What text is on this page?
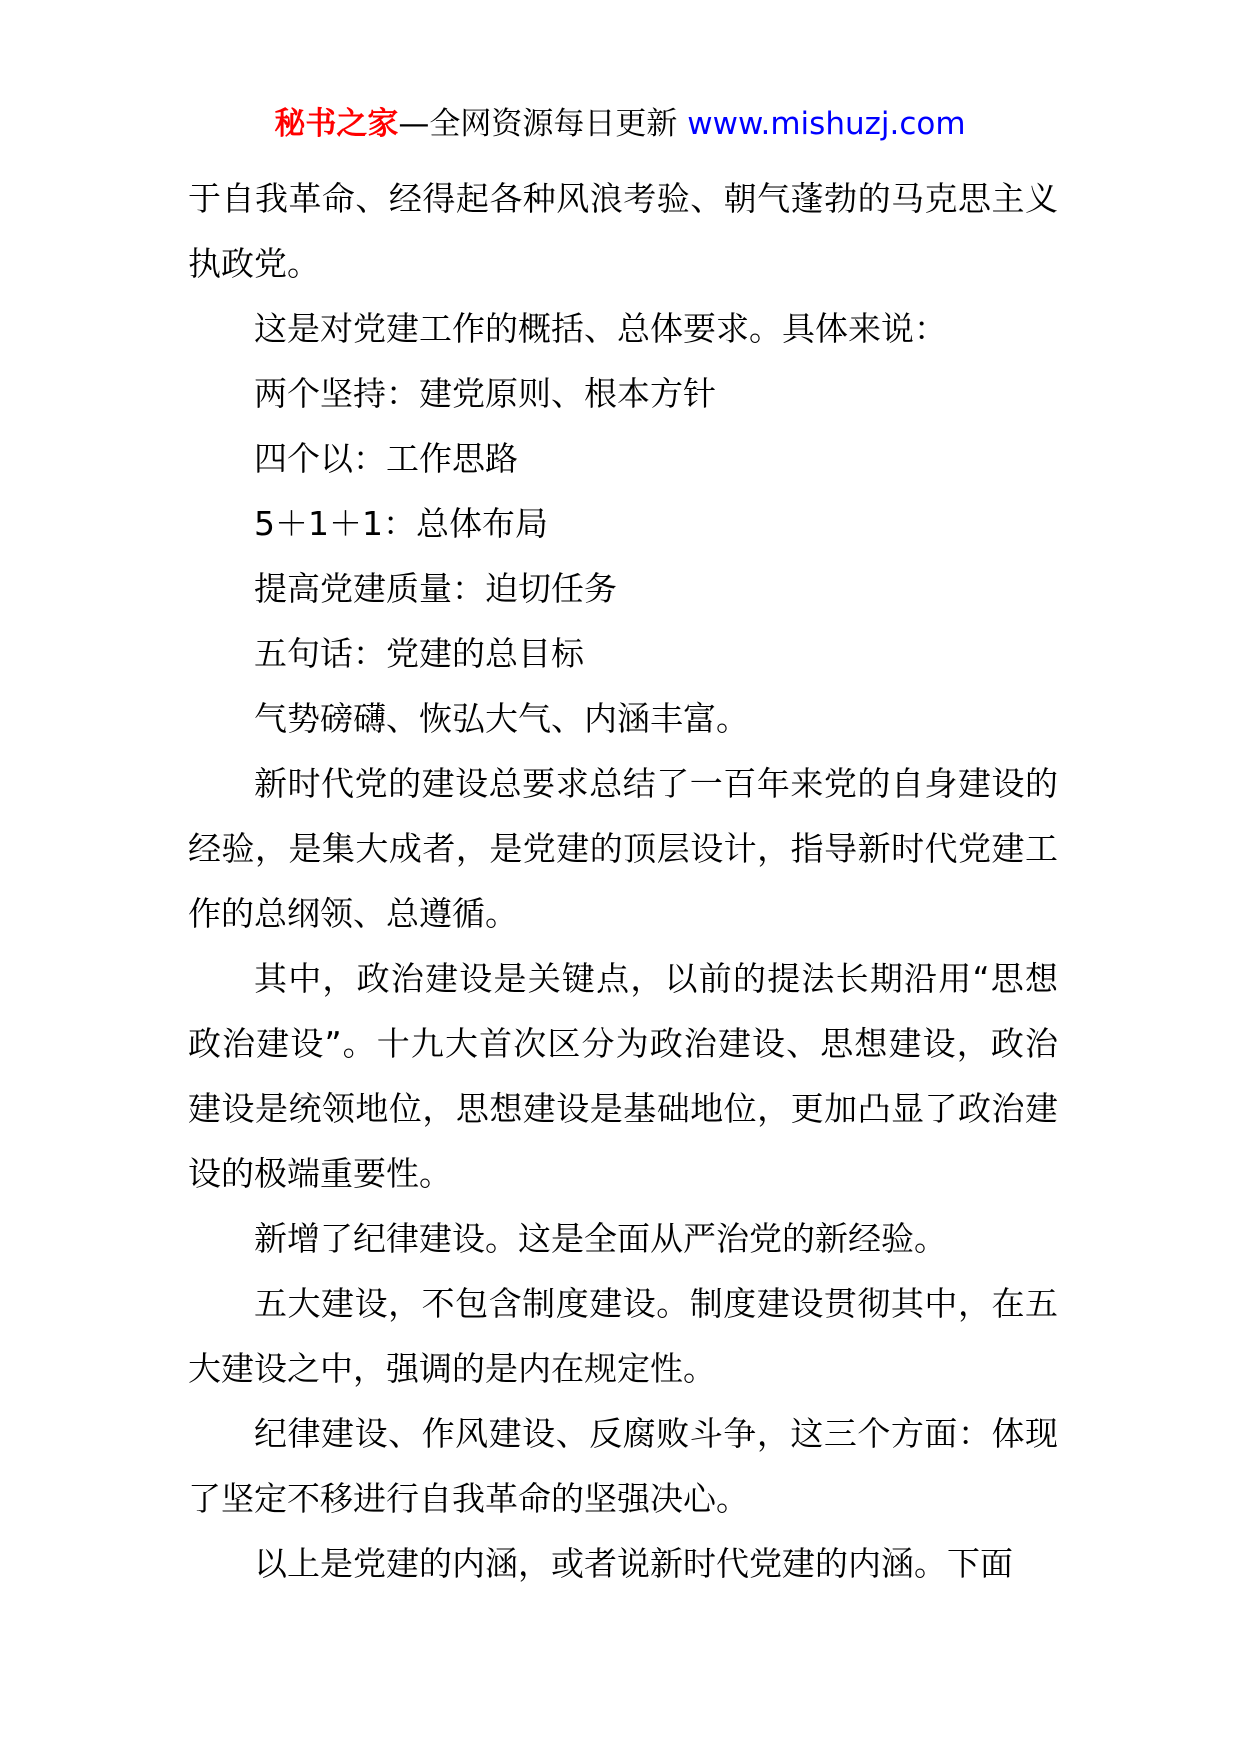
秘书之家—全网资源每日更新 www.mishuzj.com

于自我革命、经得起各种风浪考验、朝气蓬勃的马克思主义执政党。

这是对党建工作的概括、总体要求。具体来说：

两个坚持：建党原则、根本方针

四个以：工作思路

5＋1＋1：总体布局

提高党建质量：迫切任务

五句话：党建的总目标

气势磅礴、恢弘大气、内涵丰富。

新时代党的建设总要求总结了一百年来党的自身建设的经验，是集大成者，是党建的顶层设计，指导新时代党建工作的总纲领、总遵循。

其中，政治建设是关键点，以前的提法长期沿用“思想政治建设”。十九大首次区分为政治建设、思想建设，政治建设是统领地位，思想建设是基础地位，更加凸显了政治建设的极端重要性。

新增了纪律建设。这是全面从严治党的新经验。

五大建设，不包含制度建设。制度建设贯彻其中，在五大建设之中，强调的是内在规定性。

纪律建设、作风建设、反腐败斗争，这三个方面：体现了坚定不移进行自我革命的坚强决心。

以上是党建的内涵，或者说新时代党建的内涵。下面
